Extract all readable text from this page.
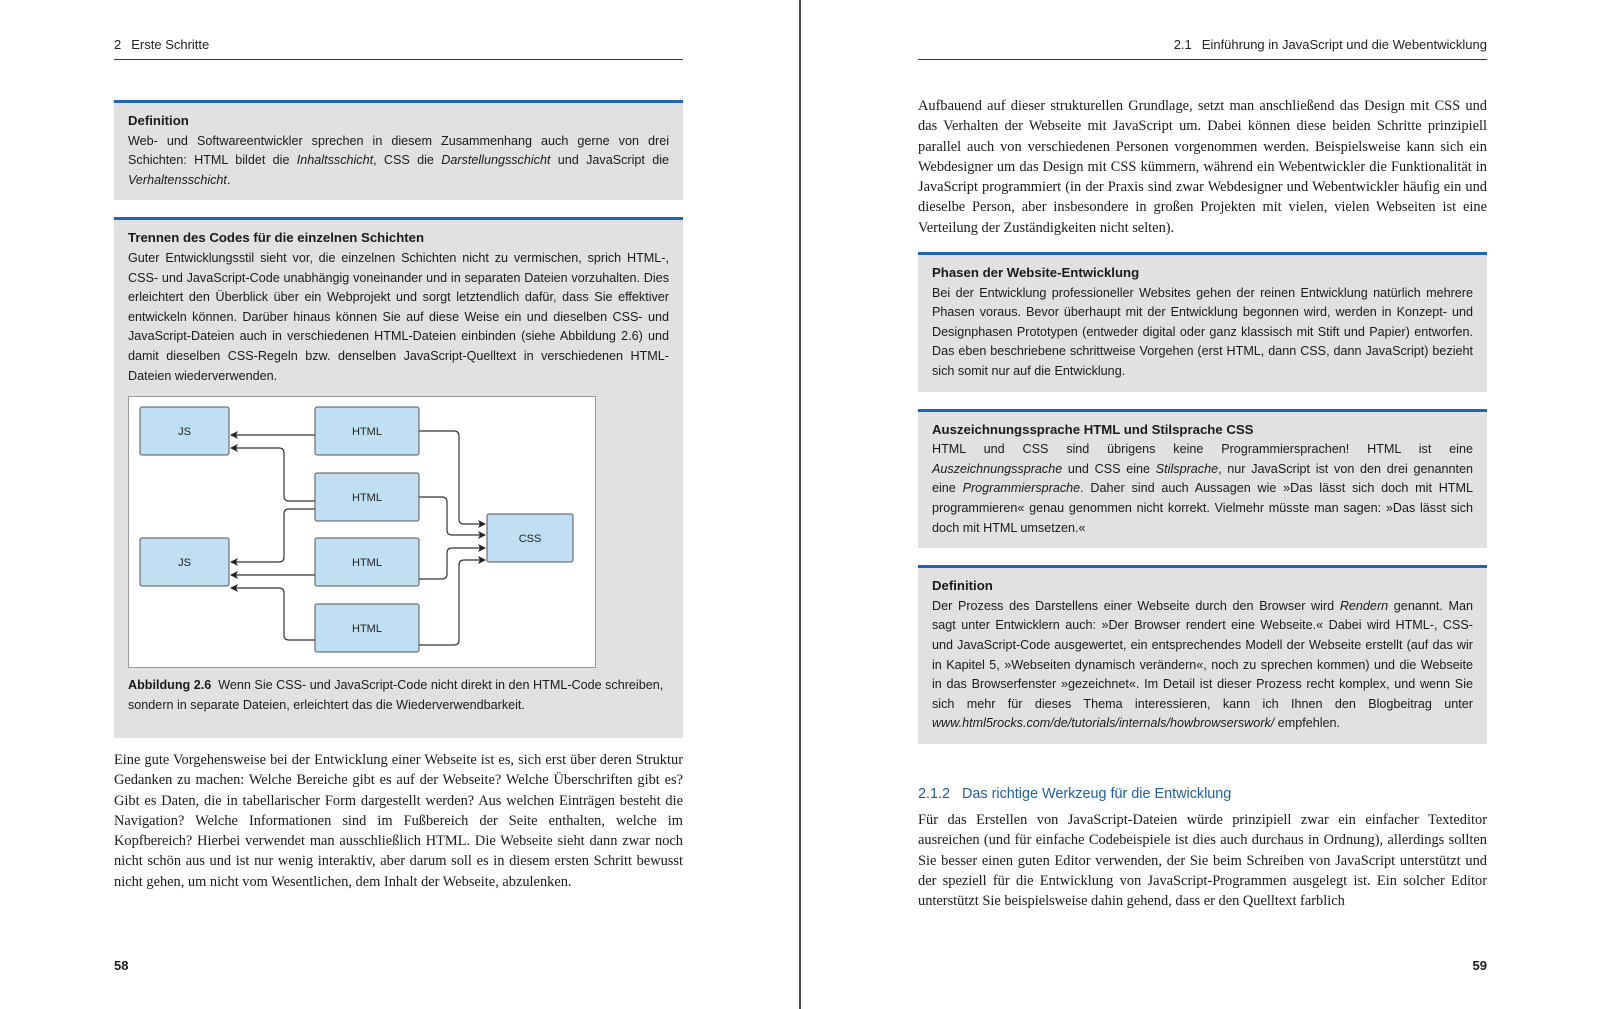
2 Erste Schritte

Definition

Web- und Softwareentwickler sprechen in diesem Zusammenhang auch gerne von drei Schichten: HTML bildet die Inhaltsschicht, CSS die Darstellungsschicht und JavaScript die Verhaltensschicht.

Trennen des Codes für die einzelnen Schichten

Guter Entwicklungsstil sieht vor, die einzelnen Schichten nicht zu vermischen, sprich HTML-, CSS- und JavaScript-Code unabhängig voneinander und in separaten Dateien vorzuhalten. Dies erleichtert den Überblick über ein Webprojekt und sorgt letztendlich dafür, dass Sie effektiver entwickeln können. Darüber hinaus können Sie auf diese Weise ein und dieselben CSS- und JavaScript-Dateien auch in verschiedenen HTML-Dateien einbinden (siehe Abbildung 2.6) und damit dieselben CSS-Regeln bzw. denselben JavaScript-Quelltext in verschiedenen HTML-Dateien wiederverwenden.

JS
JS
HTML
HTML
HTML
HTML
CSS

Abbildung 2.6 Wenn Sie CSS- und JavaScript-Code nicht direkt in den HTML-Code schreiben, sondern in separate Dateien, erleichtert das die Wiederverwendbarkeit.

Eine gute Vorgehensweise bei der Entwicklung einer Webseite ist es, sich erst über deren Struktur Gedanken zu machen: Welche Bereiche gibt es auf der Webseite? Welche Überschriften gibt es? Gibt es Daten, die in tabellarischer Form dargestellt werden? Aus welchen Einträgen besteht die Navigation? Welche Informationen sind im Fußbereich der Seite enthalten, welche im Kopfbereich? Hierbei verwendet man ausschließlich HTML. Die Webseite sieht dann zwar noch nicht schön aus und ist nur wenig interaktiv, aber darum soll es in diesem ersten Schritt bewusst nicht gehen, um nicht vom Wesentlichen, dem Inhalt der Webseite, abzulenken.

58
2.1 Einführung in JavaScript und die Webentwicklung

Aufbauend auf dieser strukturellen Grundlage, setzt man anschließend das Design mit CSS und das Verhalten der Webseite mit JavaScript um. Dabei können diese beiden Schritte prinzipiell parallel auch von verschiedenen Personen vorgenommen werden. Beispielsweise kann sich ein Webdesigner um das Design mit CSS kümmern, während ein Webentwickler die Funktionalität in JavaScript programmiert (in der Praxis sind zwar Webdesigner und Webentwickler häufig ein und dieselbe Person, aber insbesondere in großen Projekten mit vielen, vielen Webseiten ist eine Verteilung der Zuständigkeiten nicht selten).

Phasen der Website-Entwicklung

Bei der Entwicklung professioneller Websites gehen der reinen Entwicklung natürlich mehrere Phasen voraus. Bevor überhaupt mit der Entwicklung begonnen wird, werden in Konzept- und Designphasen Prototypen (entweder digital oder ganz klassisch mit Stift und Papier) entworfen. Das eben beschriebene schrittweise Vorgehen (erst HTML, dann CSS, dann JavaScript) bezieht sich somit nur auf die Entwicklung.

Auszeichnungssprache HTML und Stilsprache CSS

HTML und CSS sind übrigens keine Programmiersprachen! HTML ist eine Auszeichnungssprache und CSS eine Stilsprache, nur JavaScript ist von den drei genannten eine Programmiersprache. Daher sind auch Aussagen wie »Das lässt sich doch mit HTML programmieren« genau genommen nicht korrekt. Vielmehr müsste man sagen: »Das lässt sich doch mit HTML umsetzen.«

Definition

Der Prozess des Darstellens einer Webseite durch den Browser wird Rendern genannt. Man sagt unter Entwicklern auch: »Der Browser rendert eine Webseite.« Dabei wird HTML-, CSS- und JavaScript-Code ausgewertet, ein entsprechendes Modell der Webseite erstellt (auf das wir in Kapitel 5, »Webseiten dynamisch verändern«, noch zu sprechen kommen) und die Webseite in das Browserfenster »gezeichnet«. Im Detail ist dieser Prozess recht komplex, und wenn Sie sich mehr für dieses Thema interessieren, kann ich Ihnen den Blogbeitrag unter www.html5rocks.com/de/tutorials/internals/howbrowserswork/ empfehlen.

2.1.2 Das richtige Werkzeug für die Entwicklung

Für das Erstellen von JavaScript-Dateien würde prinzipiell zwar ein einfacher Texteditor ausreichen (und für einfache Codebeispiele ist dies auch durchaus in Ordnung), allerdings sollten Sie besser einen guten Editor verwenden, der Sie beim Schreiben von JavaScript unterstützt und der speziell für die Entwicklung von JavaScript-Programmen ausgelegt ist. Ein solcher Editor unterstützt Sie beispielsweise dahin gehend, dass er den Quelltext farblich

59
